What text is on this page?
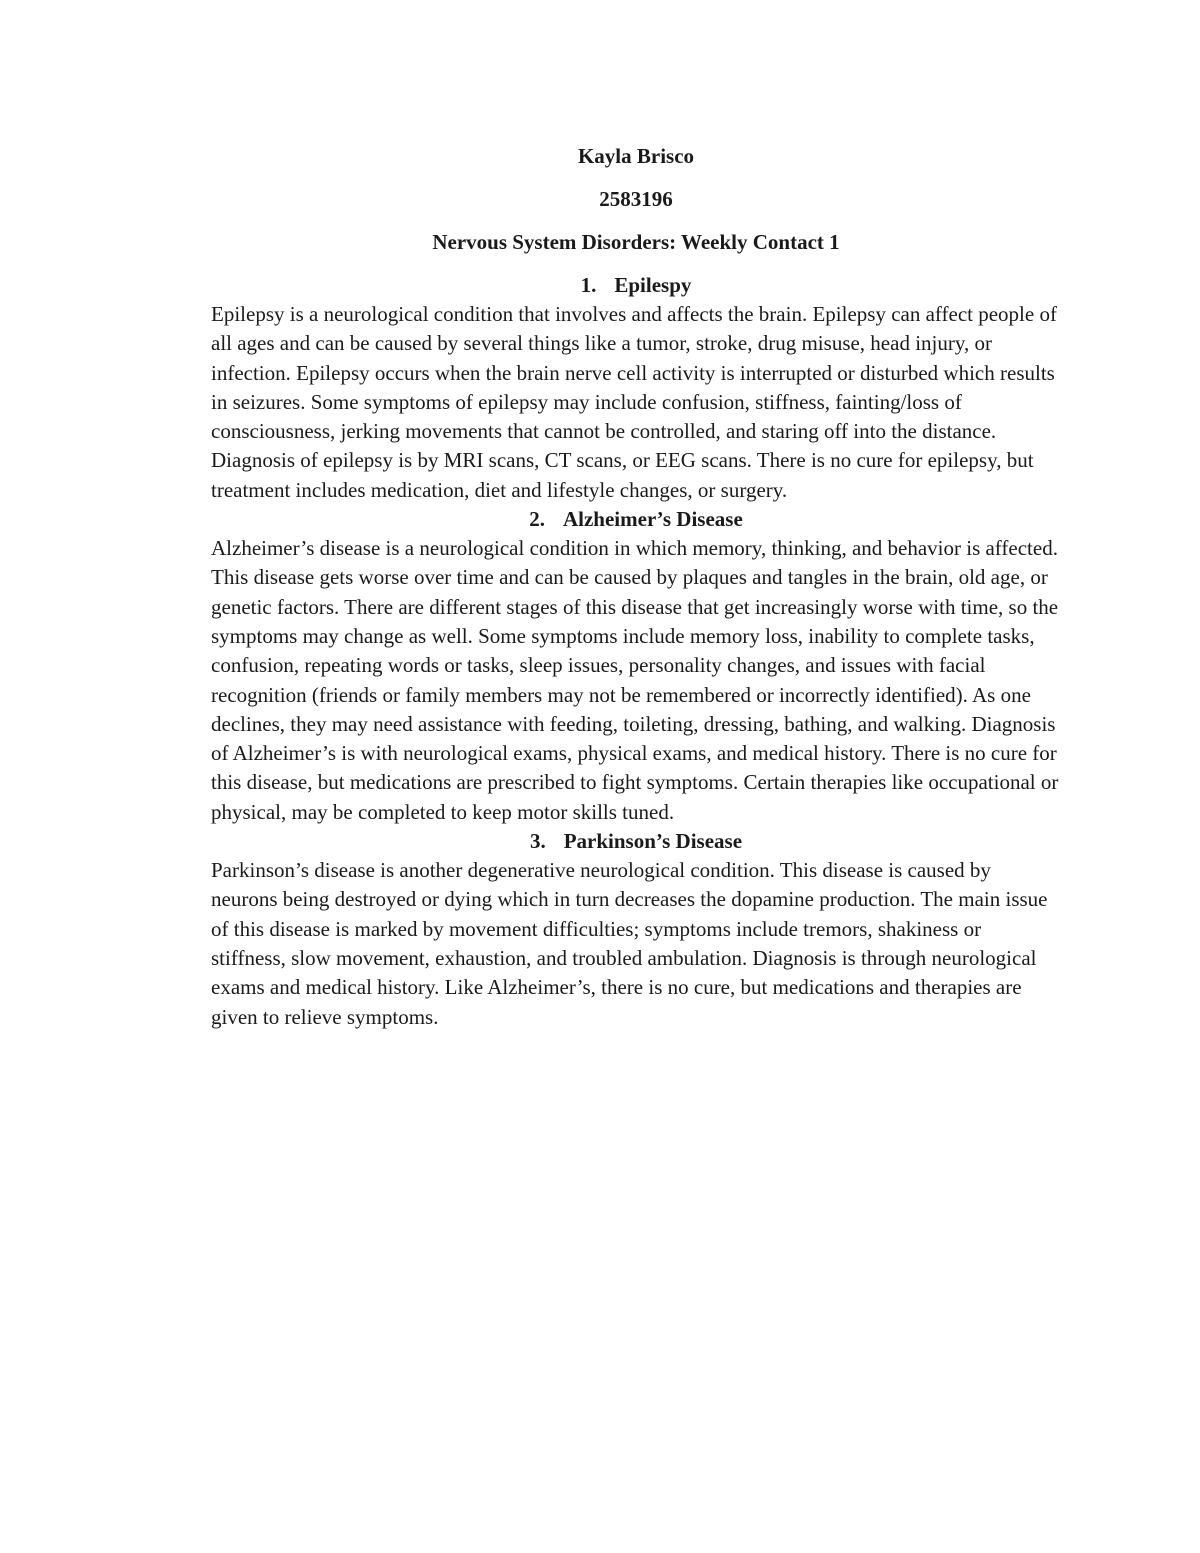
Kayla Brisco

2583196

Nervous System Disorders: Weekly Contact 1

1. Epilespy

Epilepsy is a neurological condition that involves and affects the brain. Epilepsy can affect people of all ages and can be caused by several things like a tumor, stroke, drug misuse, head injury, or infection. Epilepsy occurs when the brain nerve cell activity is interrupted or disturbed which results in seizures. Some symptoms of epilepsy may include confusion, stiffness, fainting/loss of consciousness, jerking movements that cannot be controlled, and staring off into the distance. Diagnosis of epilepsy is by MRI scans, CT scans, or EEG scans. There is no cure for epilepsy, but treatment includes medication, diet and lifestyle changes, or surgery.

2. Alzheimer’s Disease

Alzheimer’s disease is a neurological condition in which memory, thinking, and behavior is affected. This disease gets worse over time and can be caused by plaques and tangles in the brain, old age, or genetic factors. There are different stages of this disease that get increasingly worse with time, so the symptoms may change as well. Some symptoms include memory loss, inability to complete tasks, confusion, repeating words or tasks, sleep issues, personality changes, and issues with facial recognition (friends or family members may not be remembered or incorrectly identified). As one declines, they may need assistance with feeding, toileting, dressing, bathing, and walking. Diagnosis of Alzheimer’s is with neurological exams, physical exams, and medical history. There is no cure for this disease, but medications are prescribed to fight symptoms. Certain therapies like occupational or physical, may be completed to keep motor skills tuned.

3. Parkinson’s Disease

Parkinson’s disease is another degenerative neurological condition. This disease is caused by neurons being destroyed or dying which in turn decreases the dopamine production. The main issue of this disease is marked by movement difficulties; symptoms include tremors, shakiness or stiffness, slow movement, exhaustion, and troubled ambulation. Diagnosis is through neurological exams and medical history. Like Alzheimer’s, there is no cure, but medications and therapies are given to relieve symptoms.
